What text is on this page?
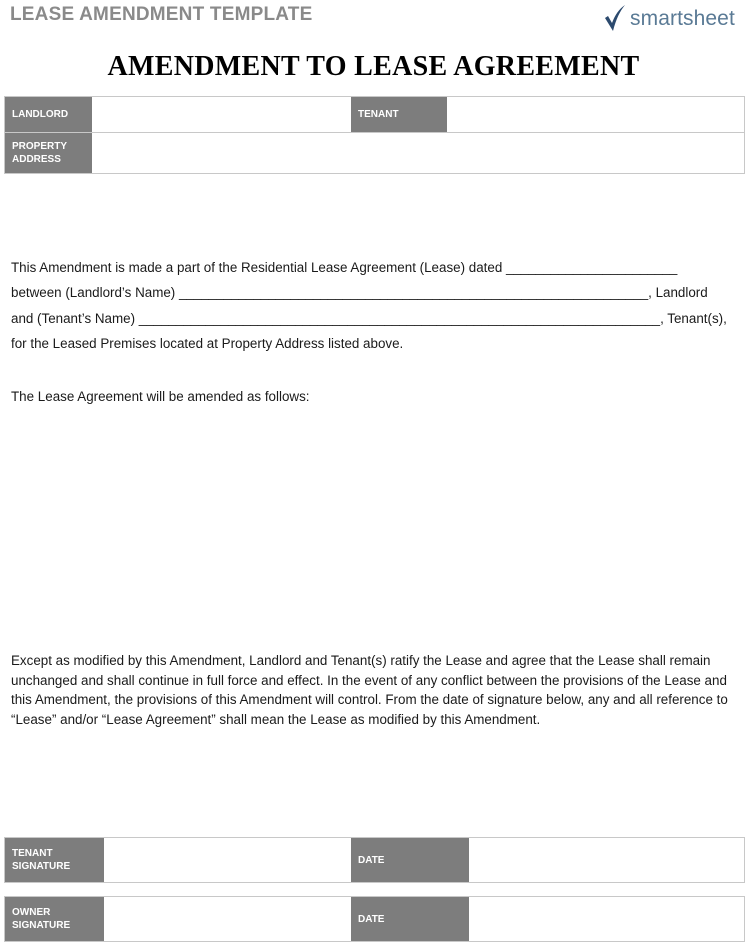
LEASE AMENDMENT TEMPLATE	smartsheet
AMENDMENT TO LEASE AGREEMENT
LANDLORD	TENANT
PROPERTY ADDRESS
This Amendment is made a part of the Residential Lease Agreement (Lease) dated _______________________
between (Landlord’s Name) _______________________________________________________________, Landlord
and (Tenant’s Name) ______________________________________________________________________, Tenant(s),
for the Leased Premises located at Property Address listed above.
The Lease Agreement will be amended as follows:
Except as modified by this Amendment, Landlord and Tenant(s) ratify the Lease and agree that the Lease shall remain unchanged and shall continue in full force and effect. In the event of any conflict between the provisions of the Lease and this Amendment, the provisions of this Amendment will control. From the date of signature below, any and all reference to “Lease” and/or “Lease Agreement” shall mean the Lease as modified by this Amendment.
TENANT SIGNATURE
DATE
OWNER SIGNATURE
DATE
